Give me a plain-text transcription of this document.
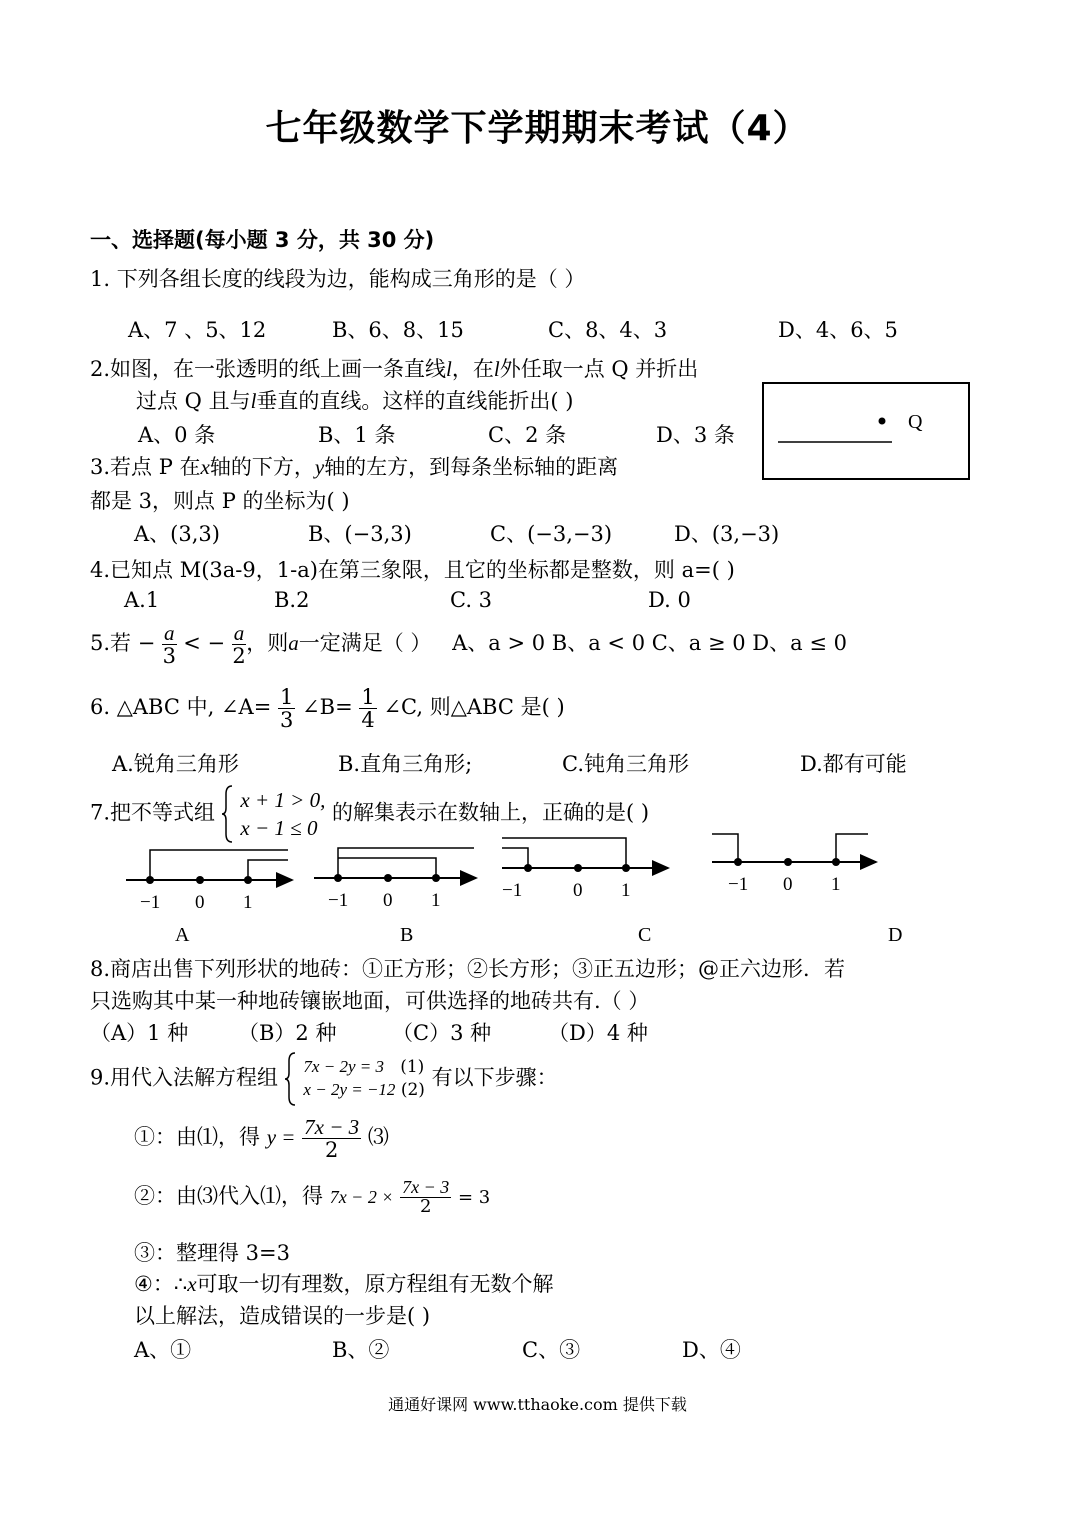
七年级数学下学期期末考试（4）
一、选择题(每小题 3 分，共 30 分)
1. 下列各组长度的线段为边，能构成三角形的是（ ）
A、7 、5、12	B、6、8、15	C、8、4、3	D、4、6、5
2.如图，在一张透明的纸上画一条直线l，在l外任取一点 Q 并折出
过点 Q 且与l垂直的直线。这样的直线能折出( )
A、0 条	B、1 条	C、2 条	D、3 条
Q
3.若点 P 在x轴的下方，y轴的左方，到每条坐标轴的距离
都是 3，则点 P 的坐标为( )
A、(3,3)	B、(−3,3)	C、(−3,−3)	D、(3,−3)
4.已知点 M(3a-9，1-a)在第三象限，且它的坐标都是整数，则 a=( )
A.1	B.2	C. 3	D. 0
5.若 − $\frac{a}{3}$ < − $\frac{a}{2}$ ，则a一定满足（ ） A、a > 0 B、a < 0 C、a ≥ 0 D、a ≤ 0
6. △ABC 中, ∠A= $\frac{1}{3}$ ∠B= $\frac{1}{4}$ ∠C, 则△ABC 是( )
A.锐角三角形	B.直角三角形;	C.钝角三角形	D.都有可能
7.把不等式组
x + 1 > 0,
x − 1 ≤ 0
的解集表示在数轴上，正确的是( )
−1 0 1
A
−1 0 1
B
−1	0 1
C
−1 0 1
D
8.商店出售下列形状的地砖：①正方形；②长方形；③正五边形；@正六边形．若
只选购其中某一种地砖镶嵌地面，可供选择的地砖共有.（ ）
（A）1 种 （B）2 种	（C）3 种	（D）4 种
9.用代入法解方程组 7x − 2y = 3 (1)
x − 2y = −12 (2)
有以下步骤：
①：由⑴，得 $y = \frac{7x - 3}{2}$ ⑶
②：由⑶代入⑴，得 $7x - 2 \times \frac{7x - 3}{2} = 3$
③：整理得 3=3
④：∴x可取一切有理数，原方程组有无数个解
以上解法，造成错误的一步是( )
A、①	B、②	C、③	D、④
通通好课网 www.tthaoke.com 提供下载
